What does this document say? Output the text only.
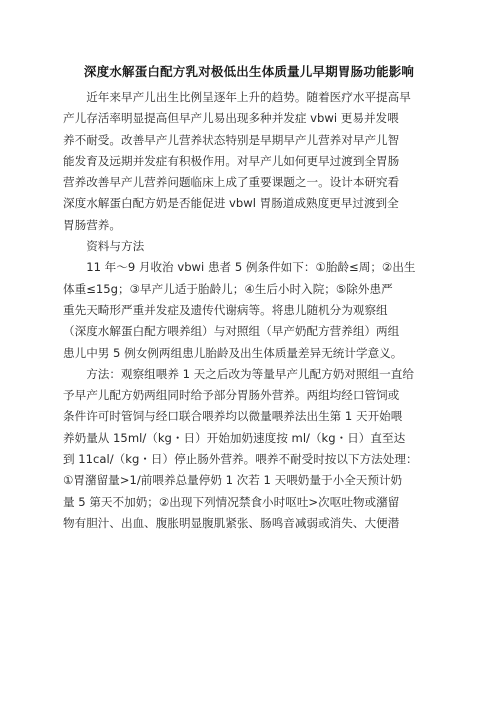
深度水解蛋白配方乳对极低出生体质量儿早期胃肠功能影响

近年来早产儿出生比例呈逐年上升的趋势。随着医疗水平提高早
产儿存活率明显提高但早产儿易出现多种并发症 vbwi 更易并发喂
养不耐受。改善早产儿营养状态特别是早期早产儿营养对早产儿智
能发育及远期并发症有积极作用。对早产儿如何更早过渡到全胃肠
营养改善早产儿营养问题临床上成了重要课题之一。设计本研究看
深度水解蛋白配方奶是否能促进 vbwl 胃肠道成熟度更早过渡到全
胃肠营养。

资料与方法

11 年～9 月收治 vbwi 患者 5 例条件如下：①胎龄≤周；②出生
体重≤15g；③早产儿适于胎龄儿；④生后小时入院；⑤除外患严
重先天畸形严重并发症及遗传代谢病等。将患儿随机分为观察组
（深度水解蛋白配方喂养组）与对照组（早产奶配方营养组）两组
患儿中男 5 例女例两组患儿胎龄及出生体质量差异无统计学意义。

方法：观察组喂养 1 天之后改为等量早产儿配方奶对照组一直给
予早产儿配方奶两组同时给予部分胃肠外营养。两组均经口管饲或
条件许可时管饲与经口联合喂养均以微量喂养法出生第 1 天开始喂
养奶量从 15ml/（kg・日）开始加奶速度按 ml/（kg・日）直至达
到 11cal/（kg・日）停止肠外营养。喂养不耐受时按以下方法处理：
①胃潴留量>1/前喂养总量停奶 1 次若 1 天喂奶量于小全天预计奶
量 5 第天不加奶；②出现下列情况禁食小时呕吐>次呕吐物或潴留
物有胆汁、出血、腹胀明显腹肌紧张、肠鸣音减弱或消失、大便潜
